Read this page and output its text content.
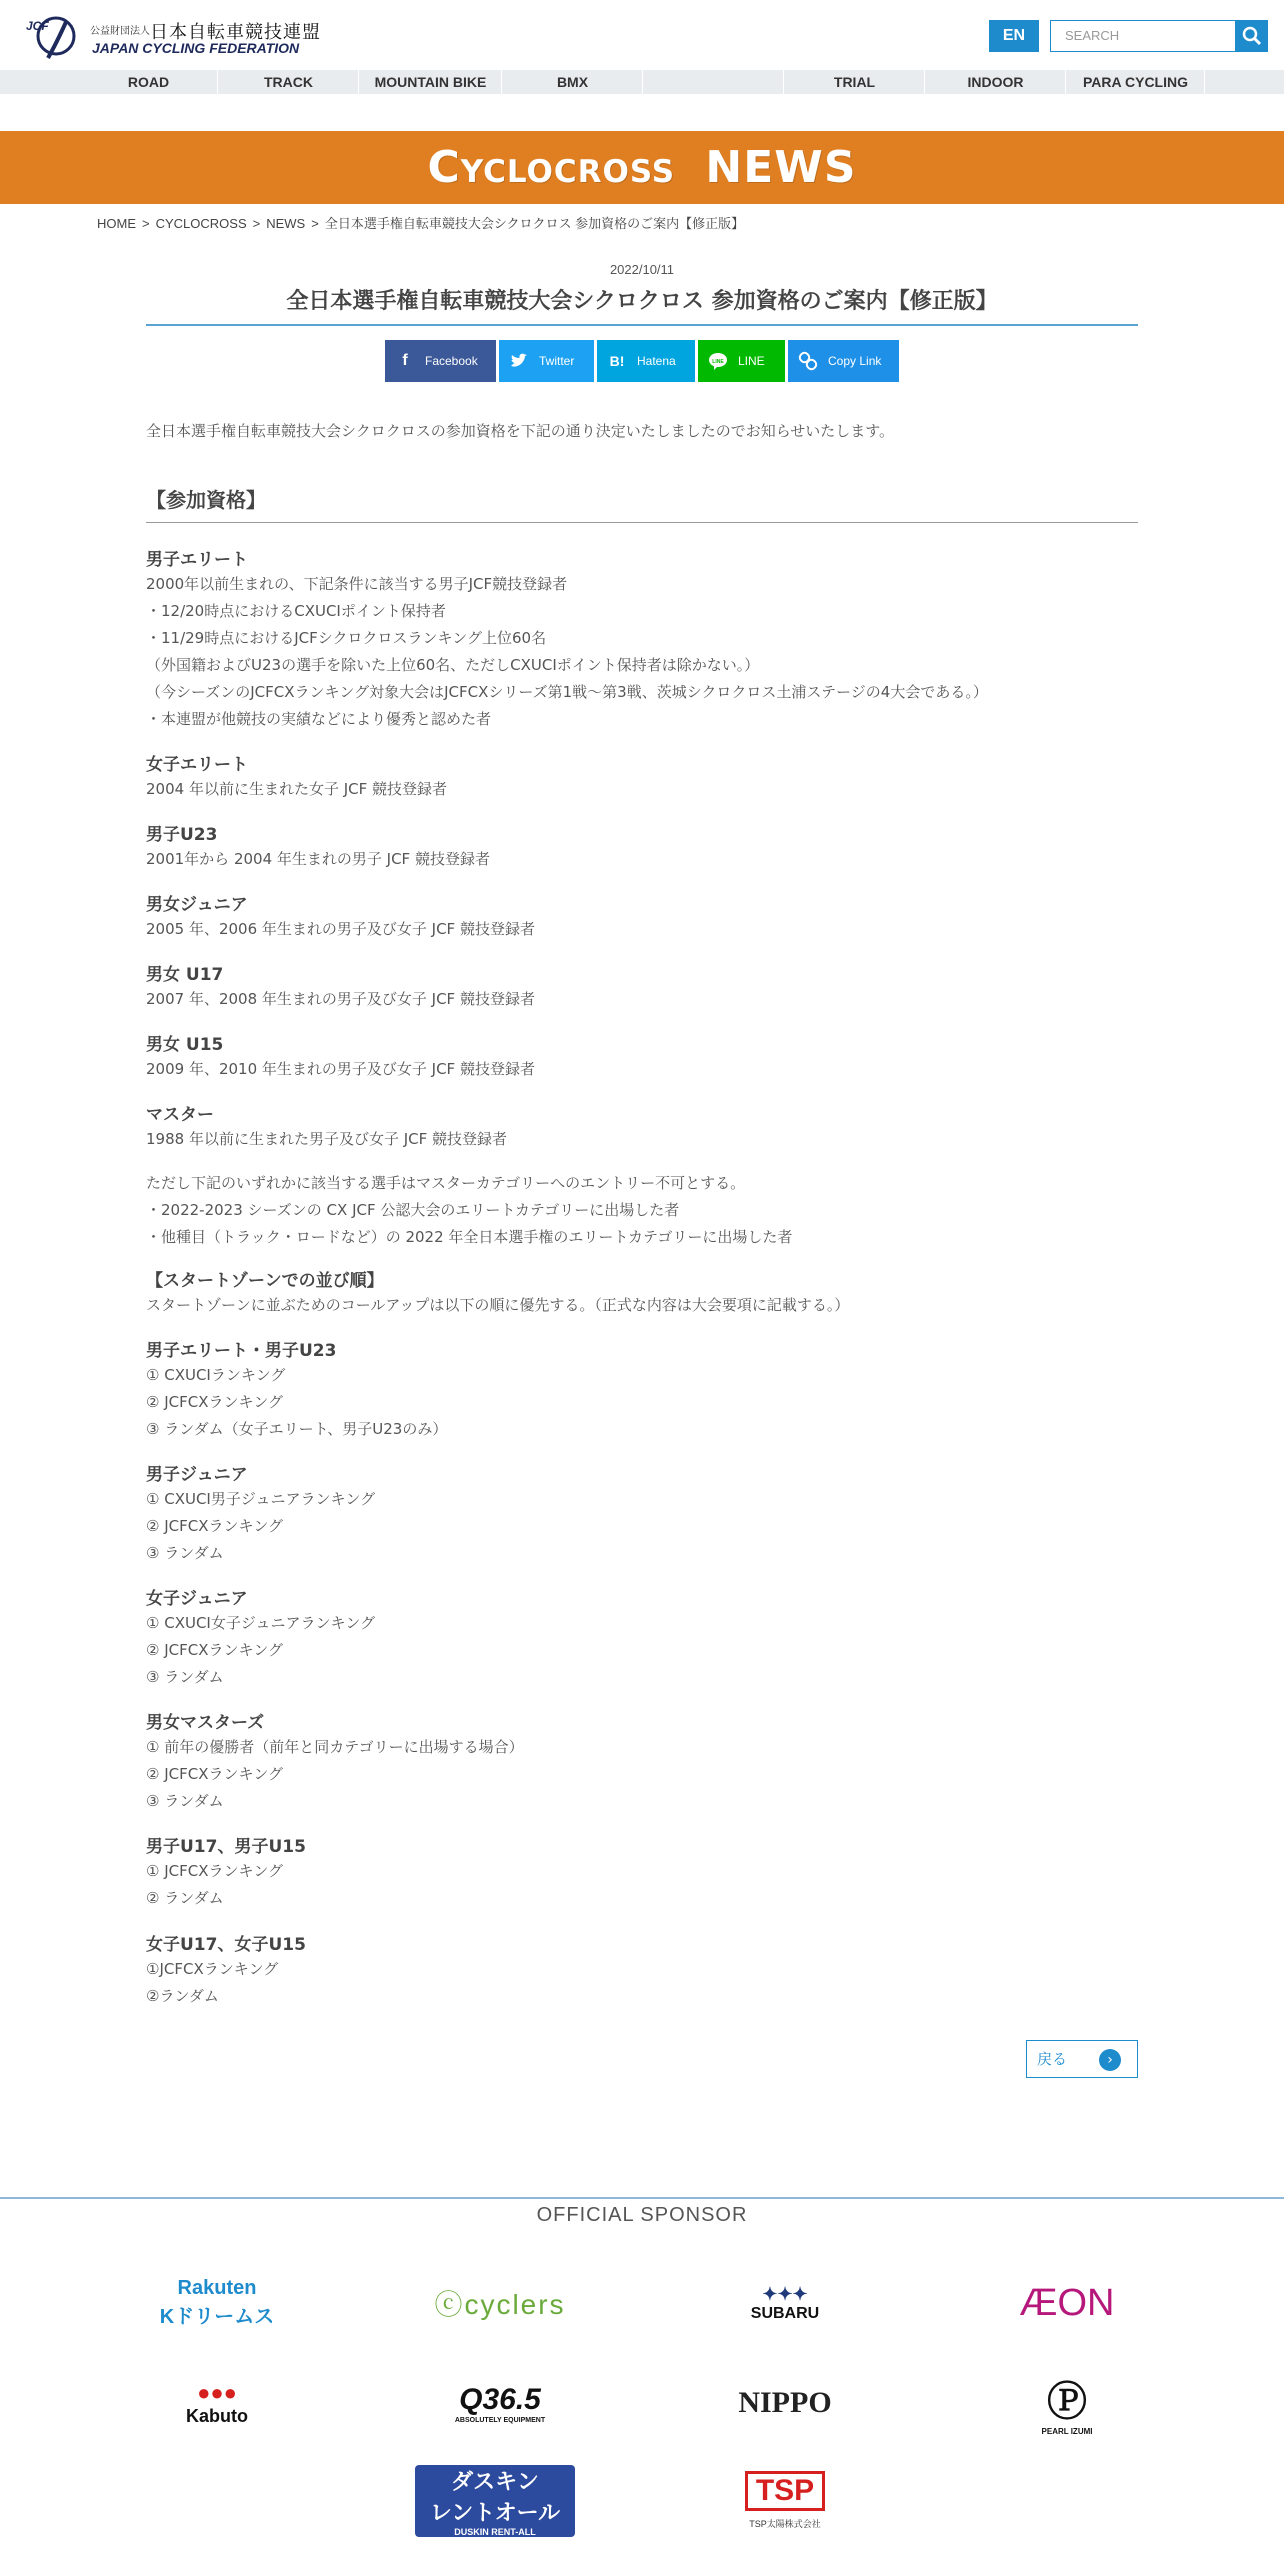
JCF	公益財団法人 日本自転車競技連盟
JAPAN CYCLING FEDERATION
EN	SEARCH
ROAD	TRACK	MOUNTAIN BIKE	BMX	TRIAL	INDOOR	PARA CYCLING
Cyclocross NEWS
HOME > CYCLOCROSS > NEWS > 全日本選手権自転車競技大会シクロクロス 参加資格のご案内【修正版】
2022/10/11
全日本選手権自転車競技大会シクロクロス 参加資格のご案内【修正版】
f	Facebook	Twitter	B! Hatena	LINE LINE	Copy Link
全日本選手権自転車競技大会シクロクロスの参加資格を下記の通り決定いたしましたのでお知らせいたします。
【参加資格】
男子エリート
2000年以前生まれの、下記条件に該当する男子JCF競技登録者
・12/20時点におけるCXUCIポイント保持者
・11/29時点におけるJCFシクロクロスランキング上位60名
（外国籍およびU23の選手を除いた上位60名、ただしCXUCIポイント保持者は除かない。）
（今シーズンのJCFCXランキング対象大会はJCFCXシリーズ第1戦～第3戦、茨城シクロクロス土浦ステージの4大会である。）
・本連盟が他競技の実績などにより優秀と認めた者
女子エリート
2004 年以前に生まれた女子 JCF 競技登録者
男子U23
2001年から 2004 年生まれの男子 JCF 競技登録者
男女ジュニア
2005 年、2006 年生まれの男子及び女子 JCF 競技登録者
男女 U17
2007 年、2008 年生まれの男子及び女子 JCF 競技登録者
男女 U15
2009 年、2010 年生まれの男子及び女子 JCF 競技登録者
マスター
1988 年以前に生まれた男子及び女子 JCF 競技登録者
ただし下記のいずれかに該当する選手はマスターカテゴリーへのエントリー不可とする。
・2022-2023 シーズンの CX JCF 公認大会のエリートカテゴリーに出場した者
・他種目（トラック・ロードなど）の 2022 年全日本選手権のエリートカテゴリーに出場した者
【スタートゾーンでの並び順】
スタートゾーンに並ぶためのコールアップは以下の順に優先する。（正式な内容は大会要項に記載する。）
男子エリート・男子U23
① CXUCIランキング
② JCFCXランキング
③ ランダム（女子エリート、男子U23のみ）
男子ジュニア
① CXUCI男子ジュニアランキング
② JCFCXランキング
③ ランダム
女子ジュニア
① CXUCI女子ジュニアランキング
② JCFCXランキング
③ ランダム
男女マスターズ
① 前年の優勝者（前年と同カテゴリーに出場する場合）
② JCFCXランキング
③ ランダム
男子U17、男子U15
① JCFCXランキング
② ランダム
女子U17、女子U15
①JCFCXランキング
②ランダム
戻る	›
OFFICIAL SPONSOR
Rakuten
Kドリームス	ⓒcyclers	✦✦✦
SUBARU	ÆON
●●●
Kabuto	Q36.5
ABSOLUTELY EQUIPMENT
NIPPO	Ⓟ
PEARL IZUMI
ダスキン
レントオール
DUSKIN RENT-ALL
TSP
TSP太陽株式会社
